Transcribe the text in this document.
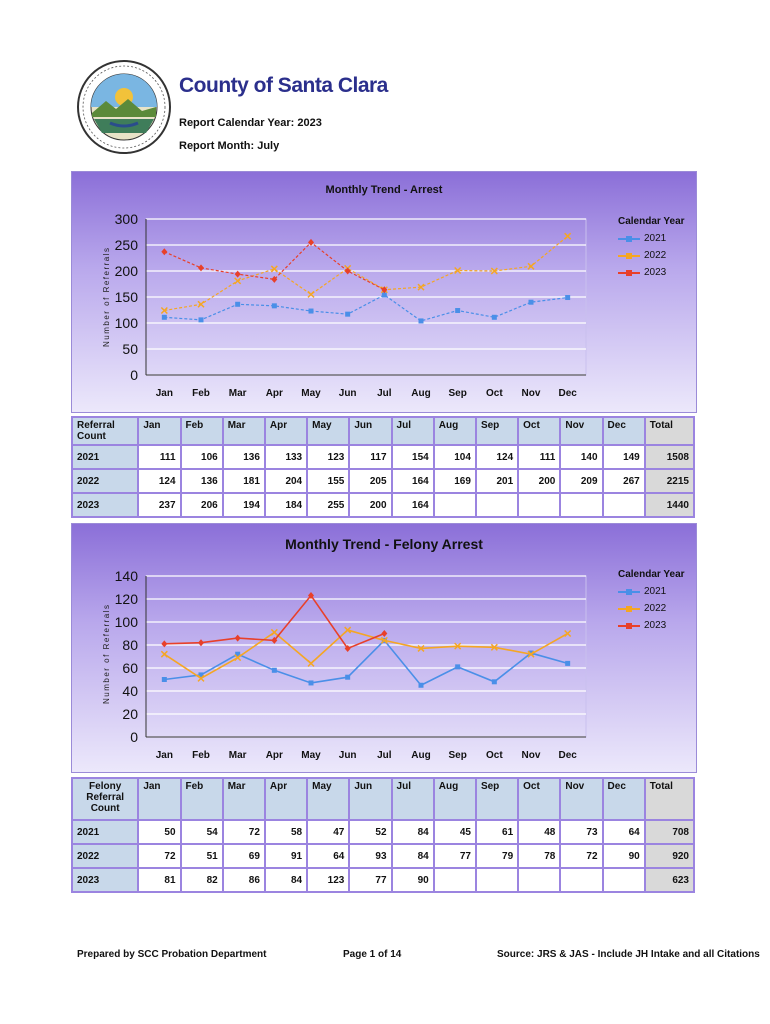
County of Santa Clara
Report Calendar Year: 2023
Report Month: July
0
50
100
150
200
250
300
Jan Feb Mar Apr May Jun Jul Aug Sep Oct Nov Dec
Monthly Trend - Arrest
Number of Referrals
Calendar Year
2021
2022
2023
Referral Count	Jan	Feb	Mar	Apr	May	Jun	Jul	Aug	Sep	Oct	Nov	Dec	Total
2021	111	106	136	133	123	117	154	104	124	111	140	149	1508
2022	124	136	181	204	155	205	164	169	201	200	209	267	2215
2023	237	206	194	184	255	200	164						1440
0
20
40
60
80
100
120
140
Jan Feb Mar Apr May Jun Jul Aug Sep Oct Nov Dec
Monthly Trend - Felony Arrest
Number of Referrals
Calendar Year
2021
2022
2023
Felony Referral Count	Jan	Feb	Mar	Apr	May	Jun	Jul	Aug	Sep	Oct	Nov	Dec	Total
2021	50	54	72	58	47	52	84	45	61	48	73	64	708
2022	72	51	69	91	64	93	84	77	79	78	72	90	920
2023	81	82	86	84	123	77	90						623
Prepared by SCC Probation Department	Page 1 of 14	Source: JRS & JAS - Include JH Intake and all Citations
